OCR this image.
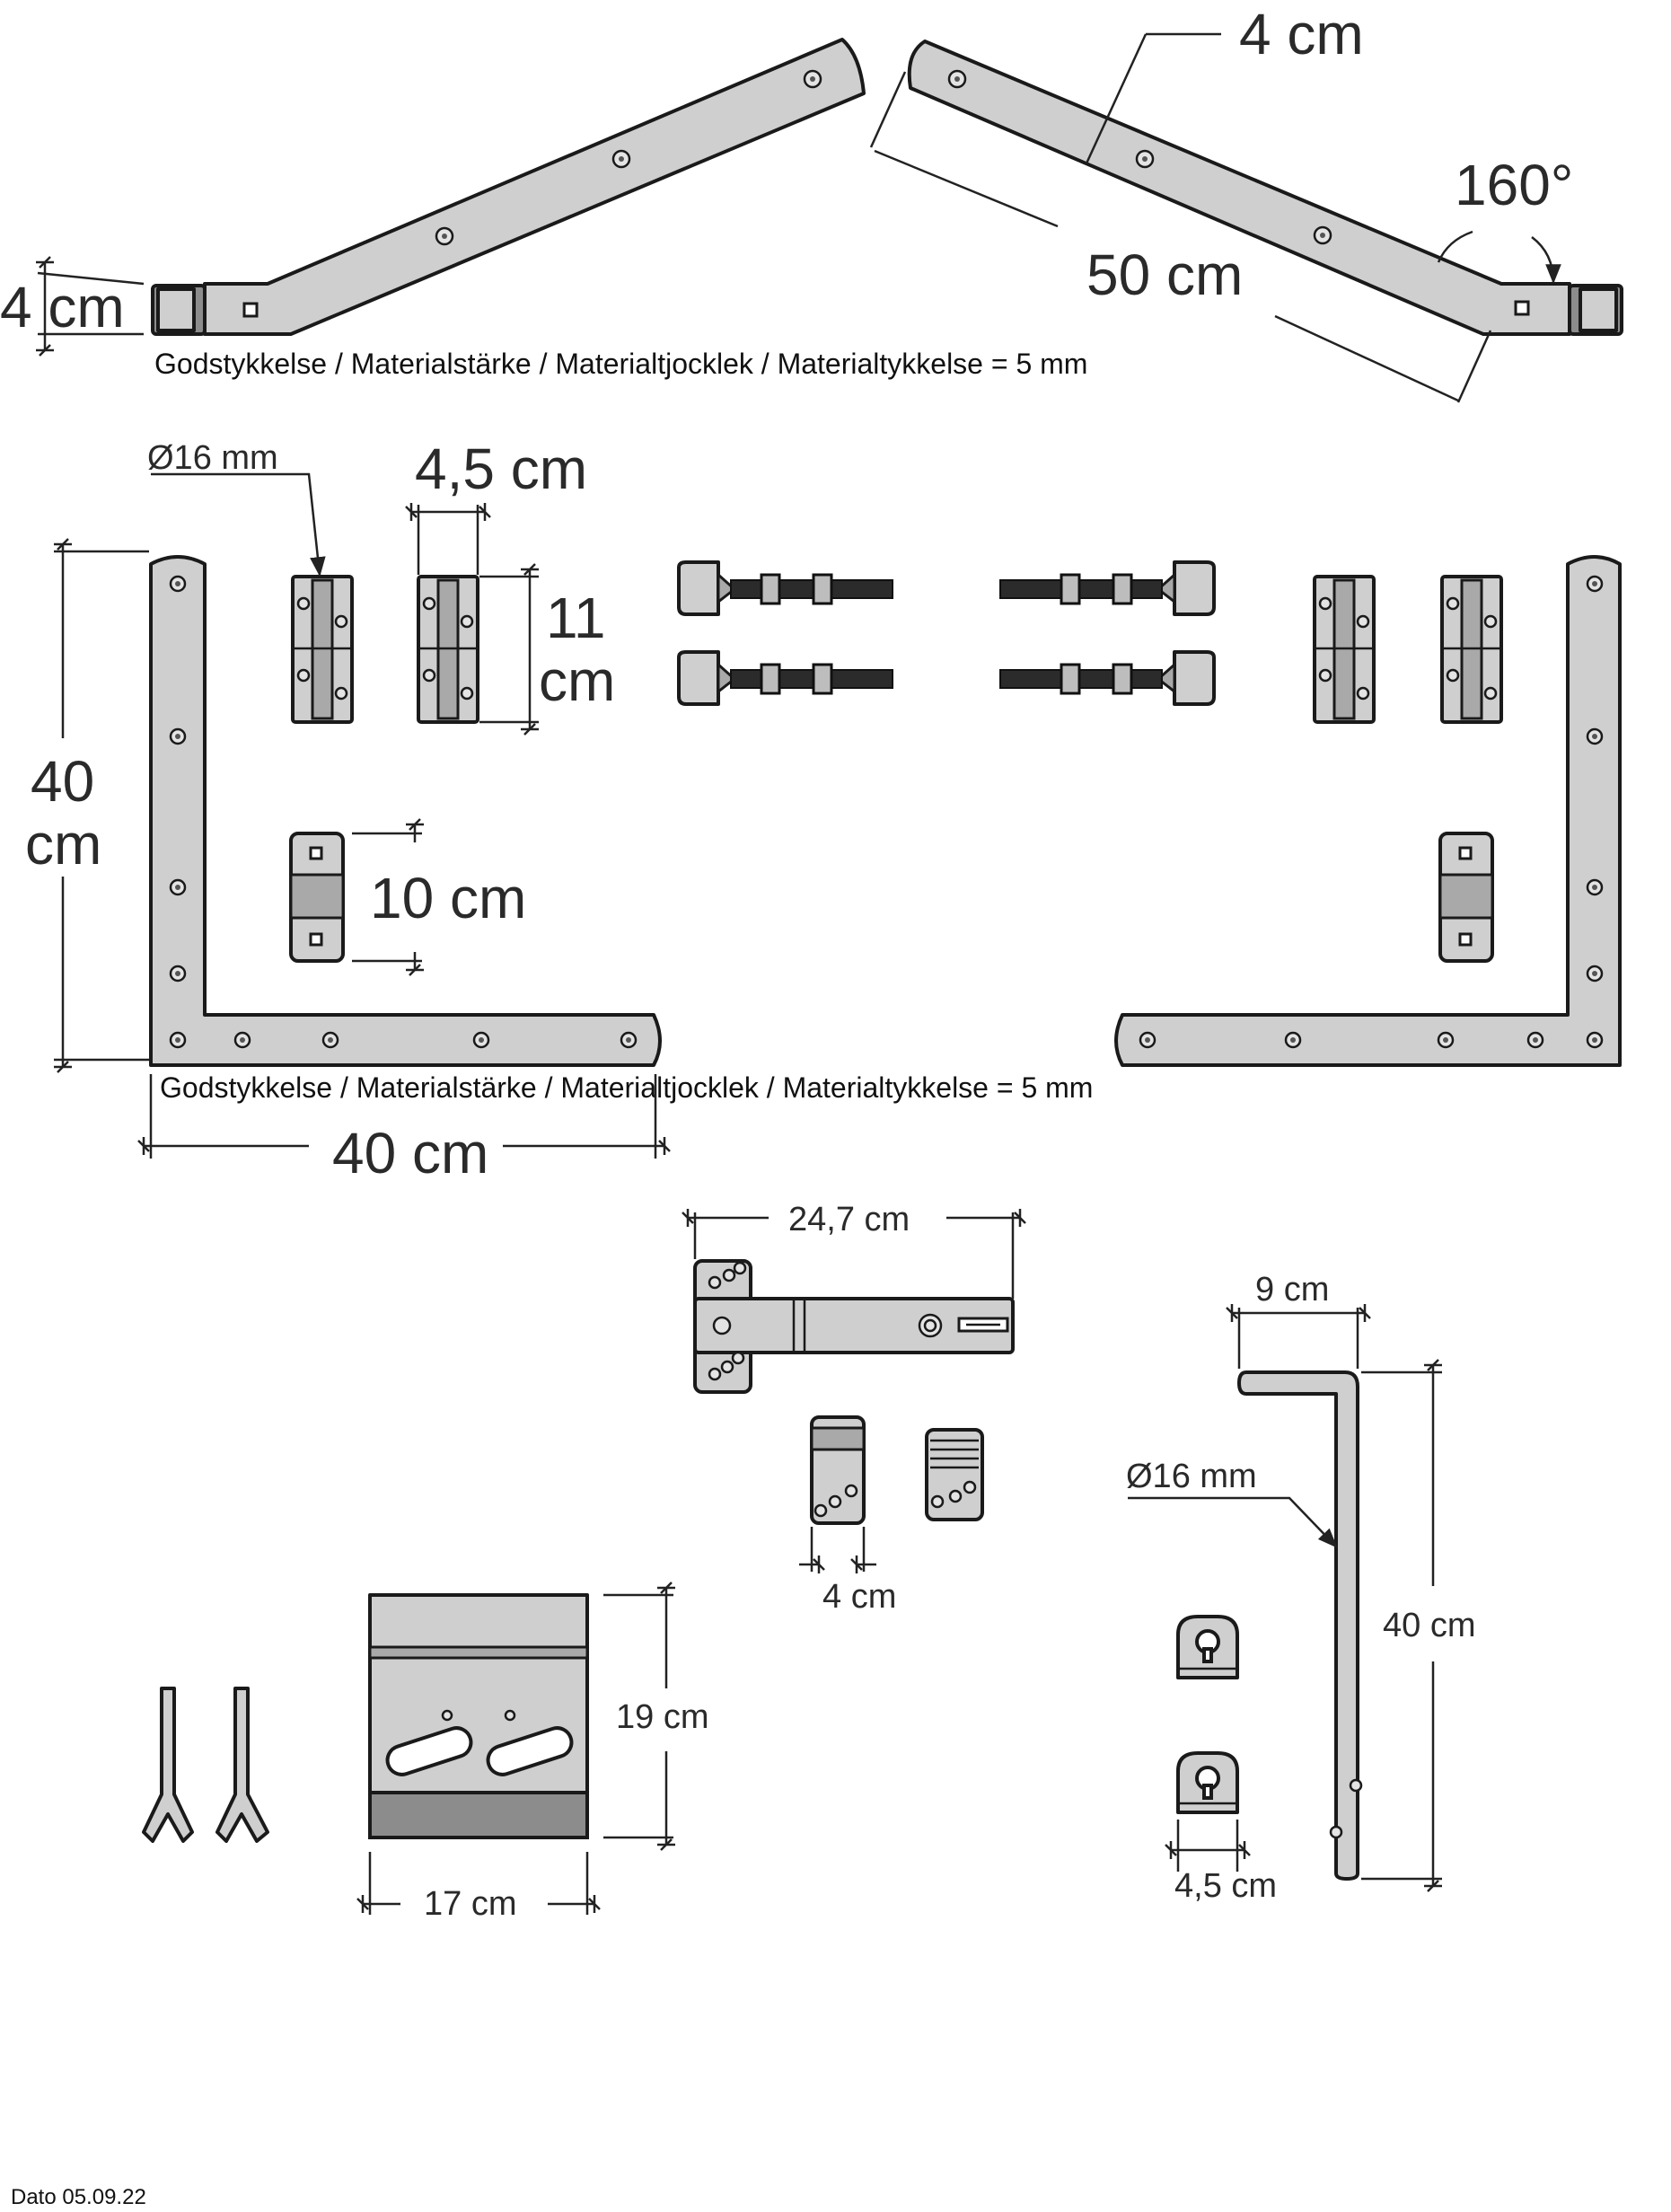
4 cm
4 cm
50 cm
160°
Godstykkelse / Materialstärke / Materialtjocklek / Materialtykkelse = 5 mm
Ø16 mm 4,5 cm
11
cm
40
cm
10 cm
Godstykkelse / Materialstärke / Materialtjocklek / Materialtykkelse = 5 mm
40 cm
24,7 cm
4 cm
19 cm
17 cm
9 cm
Ø16 mm
40 cm
4,5 cm
Dato 05.09.22
